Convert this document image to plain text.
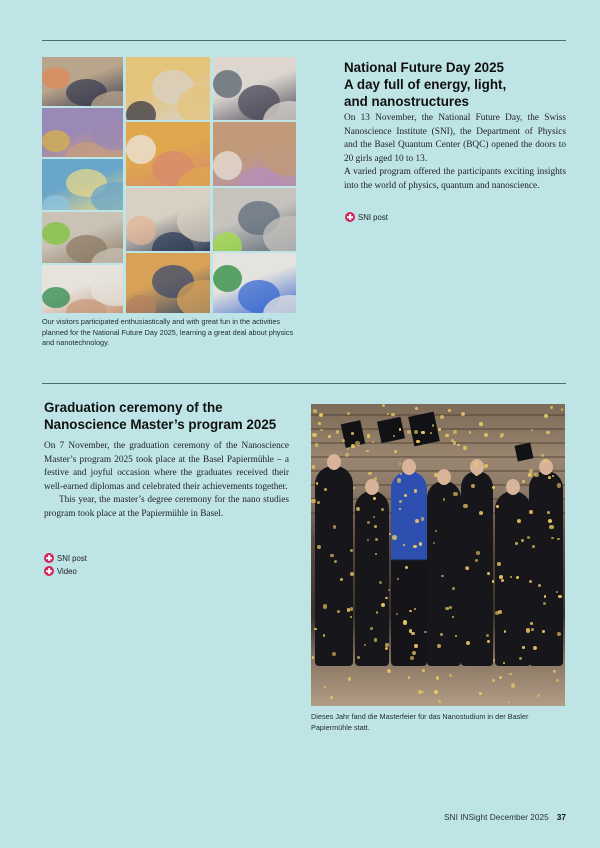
Our visitors participated enthusiastically and with great fun in the activities planned for the National Future Day 2025, learning a great deal about physics and nanotechnology.
National Future Day 2025
A day full of energy, light,
and nanostructures

On 13 November, the National Future Day, the Swiss Nanoscience Institute (SNI), the Department of Physics and the Basel Quantum Center (BQC) opened the doors to 20 girls aged 10 to 13.

A varied program offered the participants exciting insights into the world of physics, quantum and nanoscience.

SNI post
Graduation ceremony of the
Nanoscience Master’s program 2025

On 7 November, the graduation ceremony of the Nanoscience Master’s program 2025 took place at the Basel Papiermühle – a festive and joyful occasion where the graduates received their well-earned diplomas and celebrated their achievements together.

This year, the master’s degree ceremony for the nano studies program took place at the Papiermühle in Basel.

SNI post
Video
Dieses Jahr fand die Masterfeier für das Nanostudium in der Basler Papiermühle statt.
SNI INSight December 2025 37
